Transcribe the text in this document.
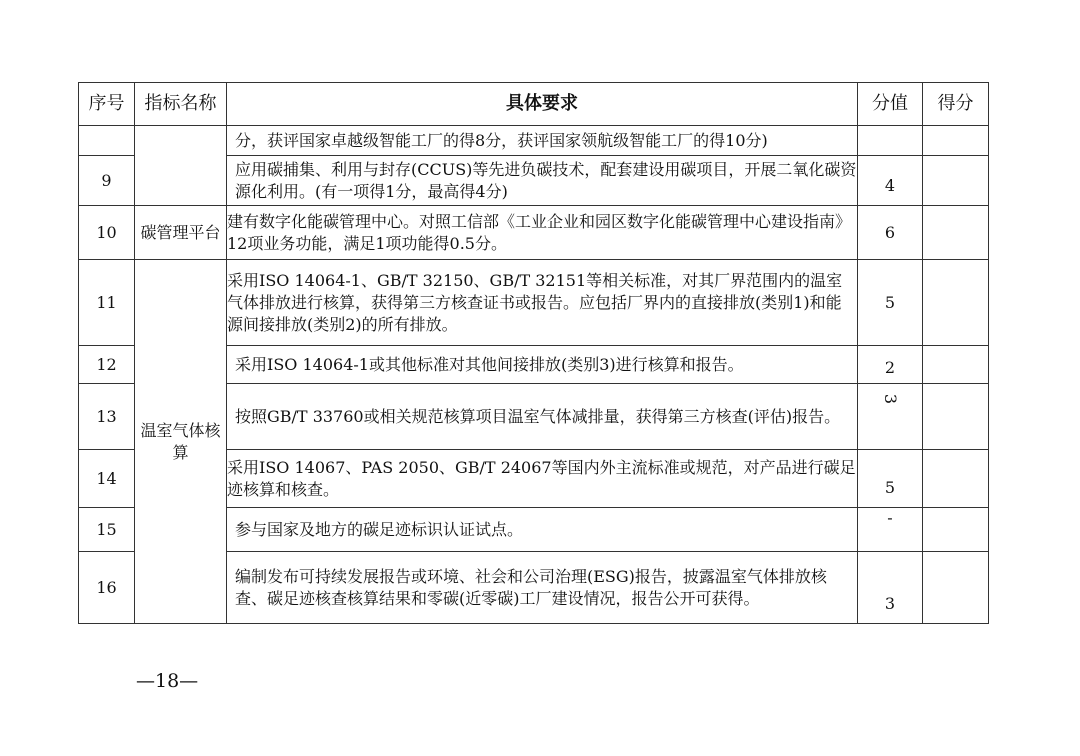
序号	指标名称	具体要求	分值	得分
		分，获评国家卓越级智能工厂的得8分，获评国家领航级智能工厂的得10分)		
9		应用碳捕集、利用与封存(CCUS)等先进负碳技术，配套建设用碳项目，开展二氧化碳资源化利用。(有一项得1分，最高得4分)	4	
10	碳管理平台	建有数字化能碳管理中心。对照工信部《工业企业和园区数字化能碳管理中心建设指南》12项业务功能，满足1项功能得0.5分。	6	
11	温室气体核算	采用ISO 14064-1、GB/T 32150、GB/T 32151等相关标准，对其厂界范围内的温室气体排放进行核算，获得第三方核查证书或报告。应包括厂界内的直接排放(类别1)和能源间接排放(类别2)的所有排放。	5	
12		采用ISO 14064-1或其他标准对其他间接排放(类别3)进行核算和报告。	2	
13		按照GB/T 33760或相关规范核算项目温室气体减排量，获得第三方核查(评估)报告。	3	
14		采用ISO 14067、PAS 2050、GB/T 24067等国内外主流标准或规范，对产品进行碳足迹核算和核查。	5	
15		参与国家及地方的碳足迹标识认证试点。	-	
16		编制发布可持续发展报告或环境、社会和公司治理(ESG)报告，披露温室气体排放核查、碳足迹核查核算结果和零碳(近零碳)工厂建设情况，报告公开可获得。	3	
—18—
